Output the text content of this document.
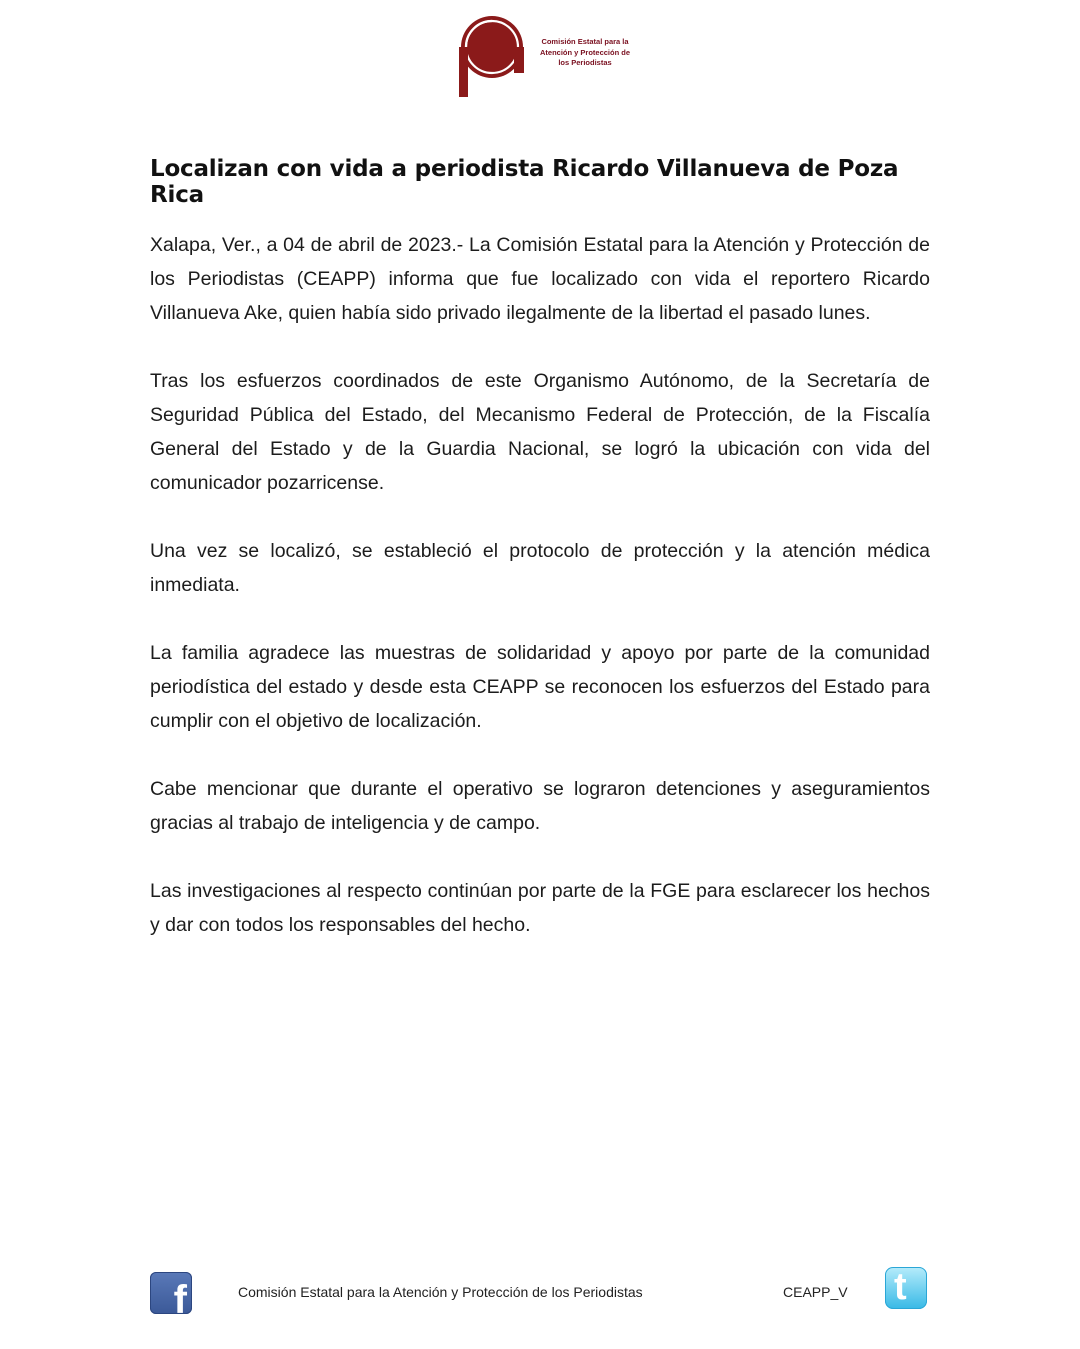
Comisión Estatal para la
Atención y Protección de
los Periodistas
Localizan con vida a periodista Ricardo Villanueva de Poza Rica

Xalapa, Ver., a 04 de abril de 2023.- La Comisión Estatal para la Atención y Protección de los Periodistas (CEAPP) informa que fue localizado con vida el reportero Ricardo Villanueva Ake, quien había sido privado ilegalmente de la libertad el pasado lunes.

Tras los esfuerzos coordinados de este Organismo Autónomo, de la Secretaría de Seguridad Pública del Estado, del Mecanismo Federal de Protección, de la Fiscalía General del Estado y de la Guardia Nacional, se logró la ubicación con vida del comunicador pozarricense.

Una vez se localizó, se estableció el protocolo de protección y la atención médica inmediata.

La familia agradece las muestras de solidaridad y apoyo por parte de la comunidad periodística del estado y desde esta CEAPP se reconocen los esfuerzos del Estado para cumplir con el objetivo de localización.

Cabe mencionar que durante el operativo se lograron detenciones y aseguramientos gracias al trabajo de inteligencia y de campo.

Las investigaciones al respecto continúan por parte de la FGE para esclarecer los hechos y dar con todos los responsables del hecho.

f	Comisión Estatal para la Atención y Protección de los Periodistas	CEAPP_V t
